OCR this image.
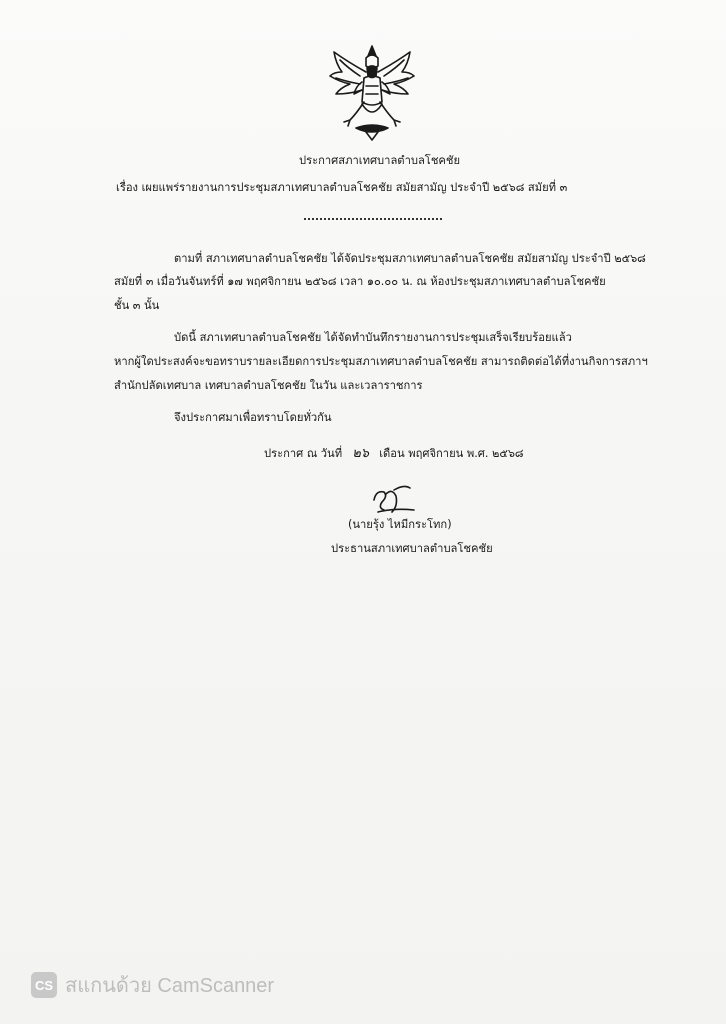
ประกาศสภาเทศบาลตำบลโชคชัย
เรื่อง เผยแพร่รายงานการประชุมสภาเทศบาลตำบลโชคชัย สมัยสามัญ ประจำปี ๒๕๖๘ สมัยที่ ๓
ตามที่ สภาเทศบาลตำบลโชคชัย ได้จัดประชุมสภาเทศบาลตำบลโชคชัย สมัยสามัญ ประจำปี ๒๕๖๘
สมัยที่ ๓ เมื่อวันจันทร์ที่ ๑๗ พฤศจิกายน ๒๕๖๘ เวลา ๑๐.๐๐ น. ณ ห้องประชุมสภาเทศบาลตำบลโชคชัย
ชั้น ๓ นั้น
บัดนี้ สภาเทศบาลตำบลโชคชัย ได้จัดทำบันทึกรายงานการประชุมเสร็จเรียบร้อยแล้ว
หากผู้ใดประสงค์จะขอทราบรายละเอียดการประชุมสภาเทศบาลตำบลโชคชัย สามารถติดต่อได้ที่งานกิจการสภาฯ
สำนักปลัดเทศบาล เทศบาลตำบลโชคชัย ในวัน และเวลาราชการ
จึงประกาศมาเพื่อทราบโดยทั่วกัน
ประกาศ ณ วันที่ ๒๖ เดือน พฤศจิกายน พ.ศ. ๒๕๖๘
(นายรุ้ง ไหมีกระโทก)
ประธานสภาเทศบาลตำบลโชคชัย
CS สแกนด้วย CamScanner
